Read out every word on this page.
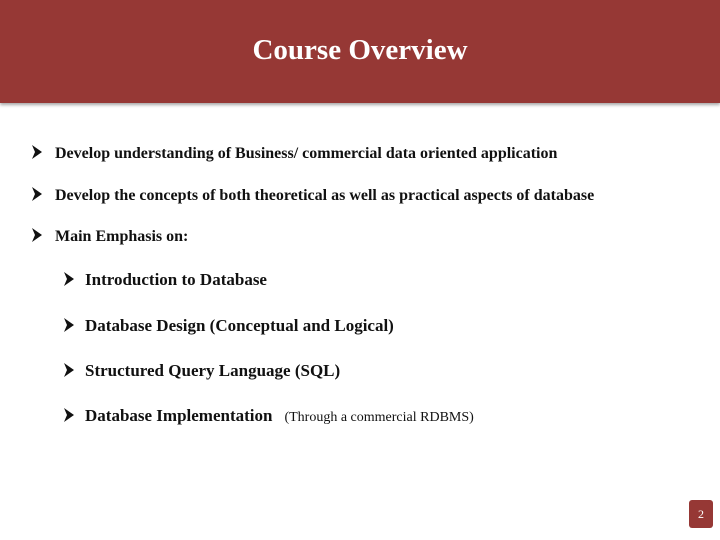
Course Overview
Develop understanding of Business/ commercial data oriented application
Develop the concepts of both theoretical as well as practical aspects of database
Main Emphasis on:
Introduction to Database
Database Design (Conceptual and Logical)
Structured Query Language (SQL)
Database Implementation (Through a commercial RDBMS)
2
